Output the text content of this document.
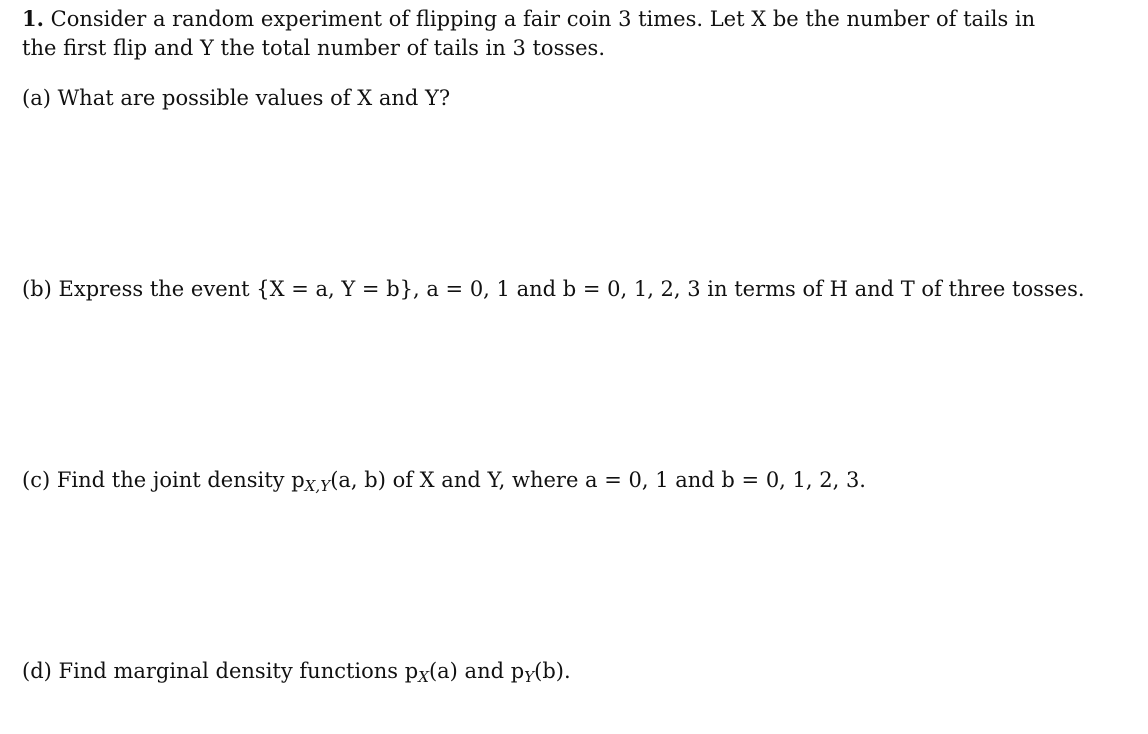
1. Consider a random experiment of flipping a fair coin 3 times. Let X be the number of tails in
the first flip and Y the total number of tails in 3 tosses.
(a) What are possible values of X and Y?
(b) Express the event {X = a, Y = b}, a = 0, 1 and b = 0, 1, 2, 3 in terms of H and T of three tosses.
(c) Find the joint density $p_{X,Y}(a$, b) of X and Y, where a = 0, 1 and b = 0, 1, 2, 3.
(d) Find marginal density functions $p_X(a)$ and $p_Y(b)$.
